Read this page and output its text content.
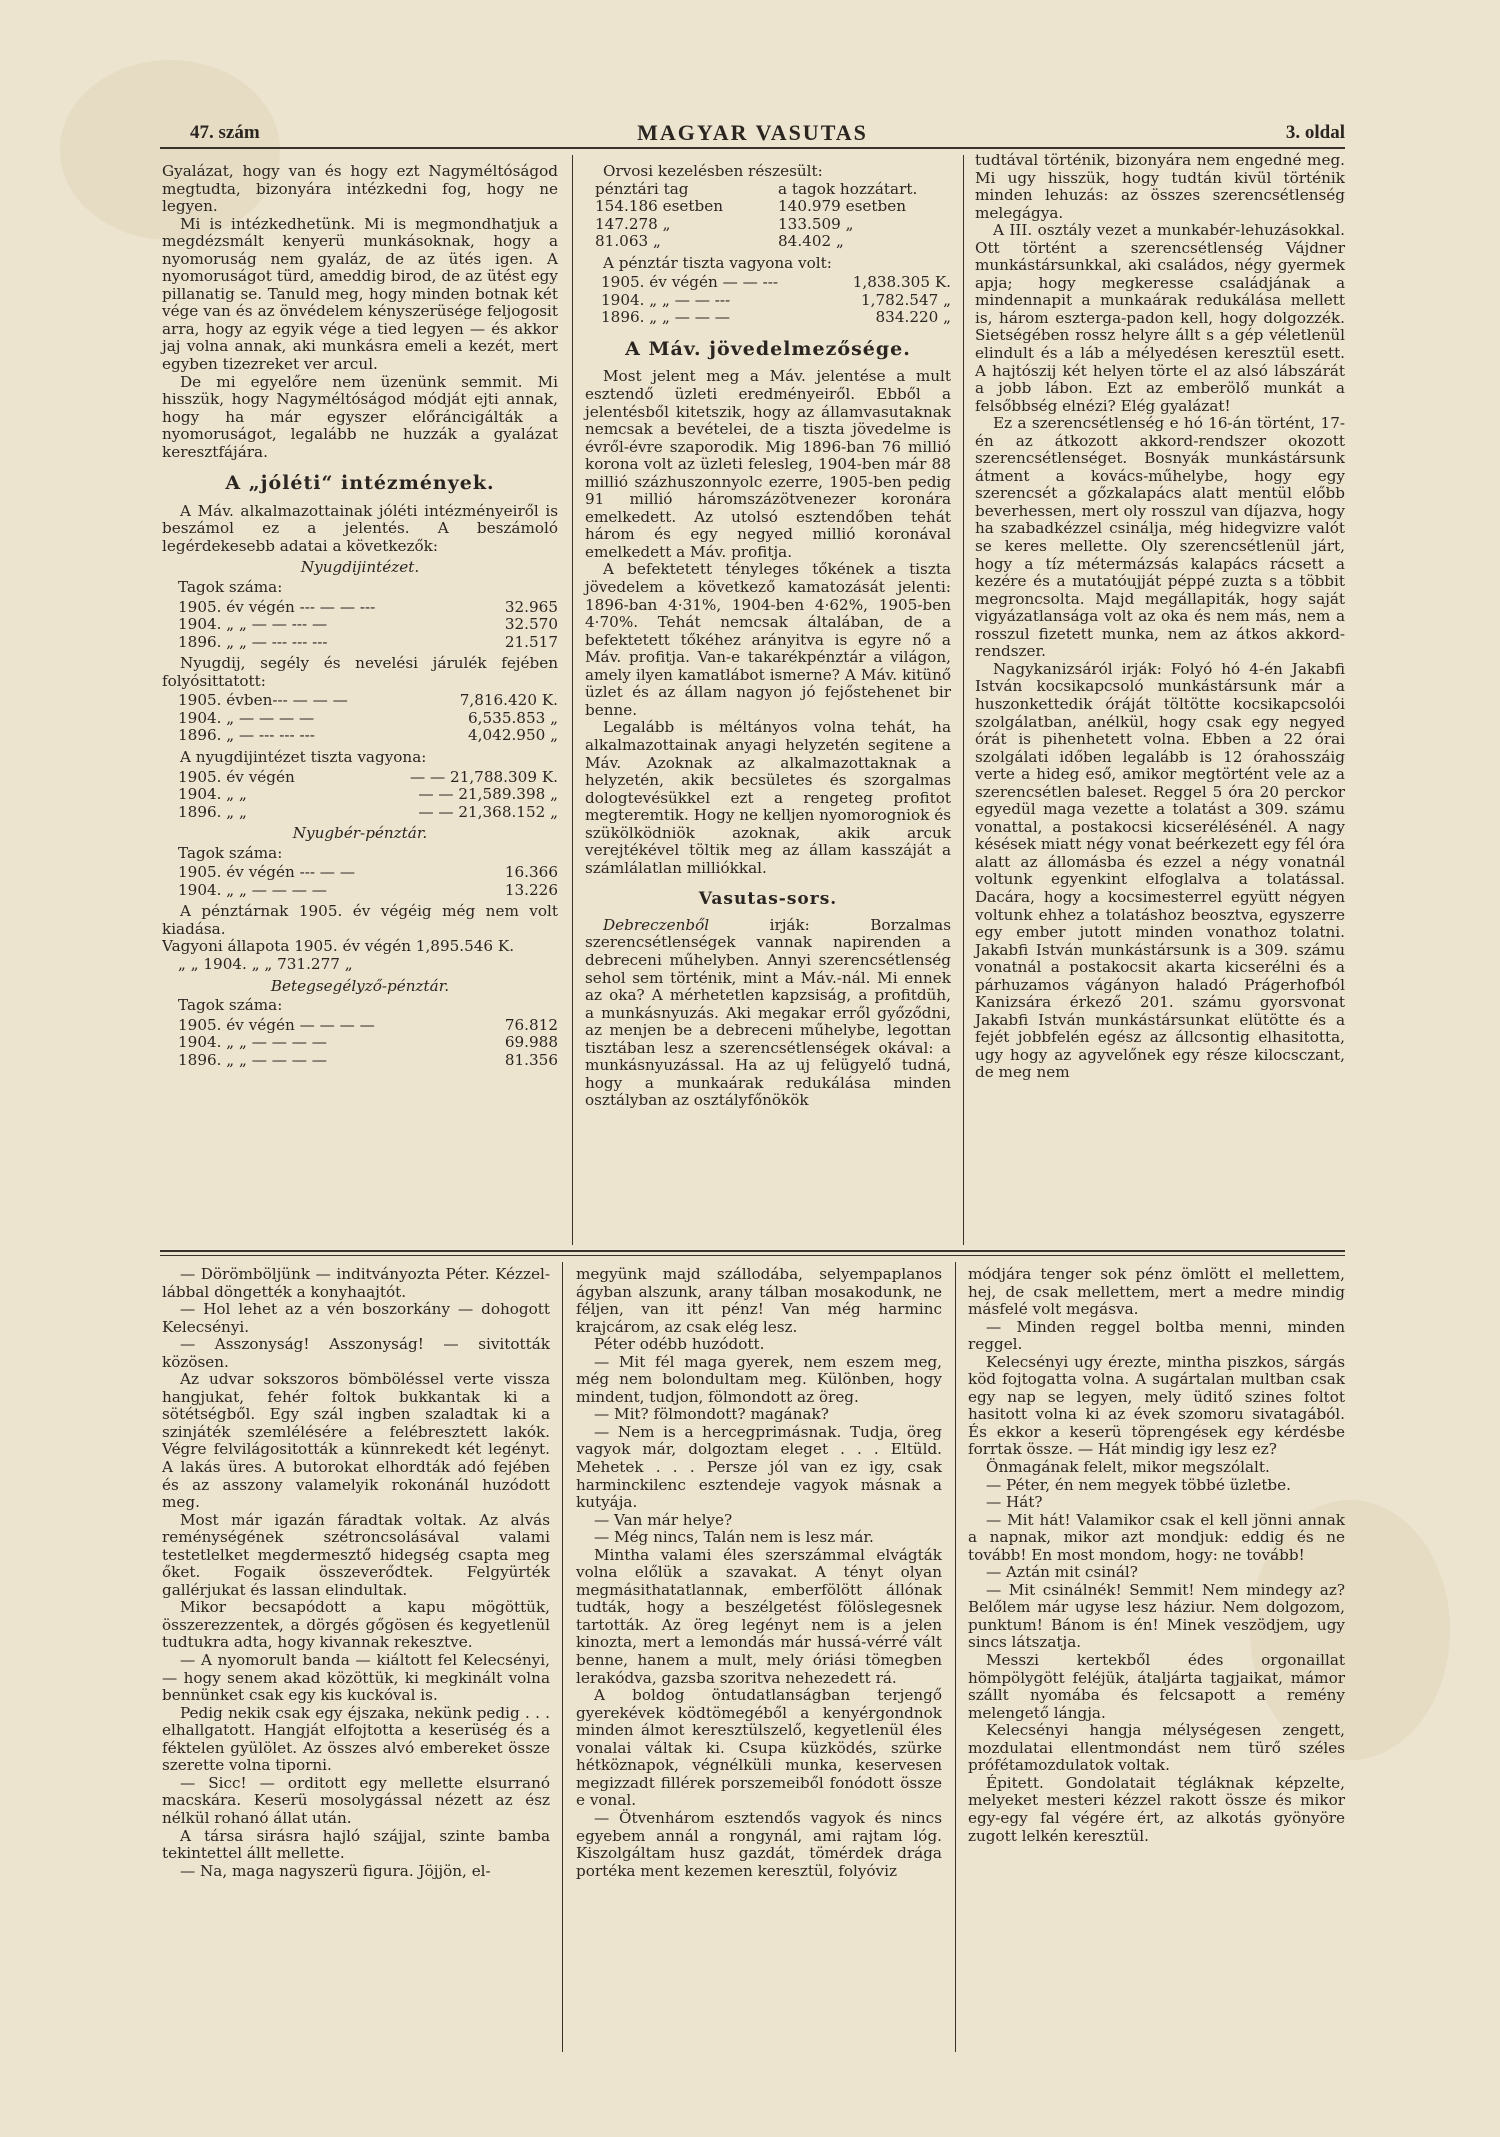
47. szám	MAGYAR VASUTAS	3. oldal

Gyalázat, hogy van és hogy ezt Nagyméltóságod megtudta, bizonyára intézkedni fog, hogy ne legyen.

Mi is intézkedhetünk. Mi is megmondhatjuk a megdézsmált kenyerü munkásoknak, hogy a nyomoruság nem gyaláz, de az ütés igen. A nyomoruságot türd, ameddig birod, de az ütést egy pillanatig se. Tanuld meg, hogy minden botnak két vége van és az önvédelem kényszerüsége feljogosit arra, hogy az egyik vége a tied legyen — és akkor jaj volna annak, aki munkásra emeli a kezét, mert egyben tizezreket ver arcul.

De mi egyelőre nem üzenünk semmit. Mi hisszük, hogy Nagyméltóságod módját ejti annak, hogy ha már egyszer előráncigálták a nyomoruságot, legalább ne huzzák a gyalázat keresztfájára.

A „jóléti“ intézmények.

A Máv. alkalmazottainak jóléti intézményeiről is beszámol ez a jelentés. A beszámoló legérdekesebb adatai a következők:

Nyugdijintézet.

Tagok száma:

1905. év végén --- — — ---	32.965
1904. „ „ — — --- —	32.570
1896. „ „ — --- --- ---	21.517

Nyugdij, segély és nevelési járulék fejében folyósittatott:

1905. évben--- — — —	7,816.420 K.
1904. „ — — — —	6,535.853 „
1896. „ — --- --- ---	4,042.950 „

A nyugdijintézet tiszta vagyona:

1905. év végén	— — 21,788.309 K.
1904. „ „	— — 21,589.398 „
1896. „ „	— — 21,368.152 „

Nyugbér-pénztár.

Tagok száma:

1905. év végén --- — —	16.366
1904. „ „ — — — —	13.226

A pénztárnak 1905. év végéig még nem volt kiadása.

Vagyoni állapota 1905. év végén 1,895.546 K.

„ „ 1904. „ „ 731.277 „

Betegsegélyző-pénztár.

Tagok száma:

1905. év végén — — — —	76.812
1904. „ „ — — — —	69.988
1896. „ „ — — — —	81.356

Orvosi kezelésben részesült:

pénztári tag	a tagok hozzátart.
154.186 esetben	140.979 esetben
147.278 „	133.509 „
81.063 „	84.402 „

A pénztár tiszta vagyona volt:

1905. év végén — — ---	1,838.305 K.
1904. „ „ — — ---	1,782.547 „
1896. „ „ — — —	834.220 „

A Máv. jövedelmezősége.

Most jelent meg a Máv. jelentése a mult esztendő üzleti eredményeiről. Ebből a jelentésből kitetszik, hogy az államvasutaknak nemcsak a bevételei, de a tiszta jövedelme is évről-évre szaporodik. Mig 1896-ban 76 millió korona volt az üzleti felesleg, 1904-ben már 88 millió százhuszonnyolc ezerre, 1905-ben pedig 91 millió háromszázötvenezer koronára emelkedett. Az utolsó esztendőben tehát három és egy negyed millió koronával emelkedett a Máv. profitja.

A befektetett tényleges tőkének a tiszta jövedelem a következő kamatozását jelenti: 1896-ban 4·31%, 1904-ben 4·62%, 1905-ben 4·70%. Tehát nemcsak általában, de a befektetett tőkéhez arányitva is egyre nő a Máv. profitja. Van-e takarékpénztár a világon, amely ilyen kamatlábot ismerne? A Máv. kitünő üzlet és az állam nagyon jó fejőstehenet bir benne.

Legalább is méltányos volna tehát, ha alkalmazottainak anyagi helyzetén segitene a Máv. Azoknak az alkalmazottaknak a helyzetén, akik becsületes és szorgalmas dologtevésükkel ezt a rengeteg profitot megteremtik. Hogy ne kelljen nyomorogniok és szükölködniök azoknak, akik arcuk verejtékével töltik meg az állam kasszáját a számlálatlan milliókkal.

Vasutas-sors.

Debreczenből irják: Borzalmas szerencsétlenségek vannak napirenden a debreceni műhelyben. Annyi szerencsétlenség sehol sem történik, mint a Máv.-nál. Mi ennek az oka? A mérhetetlen kapzsiság, a profitdüh, a munkásnyuzás. Aki megakar erről győződni, az menjen be a debreceni műhelybe, legottan tisztában lesz a szerencsétlenségek okával: a munkásnyuzással. Ha az uj felügyelő tudná, hogy a munkaárak redukálása minden osztályban az osztályfőnökök

tudtával történik, bizonyára nem engedné meg. Mi ugy hisszük, hogy tudtán kivül történik minden lehuzás: az összes szerencsétlenség melegágya.

A III. osztály vezet a munkabér-lehuzásokkal. Ott történt a szerencsétlenség Vájdner munkástársunkkal, aki családos, négy gyermek apja; hogy megkeresse családjának a mindennapit a munkaárak redukálása mellett is, három eszterga-padon kell, hogy dolgozzék. Sietségében rossz helyre állt s a gép véletlenül elindult és a láb a mélyedésen keresztül esett. A hajtószij két helyen törte el az alsó lábszárát a jobb lábon. Ezt az emberölő munkát a felsőbbség elnézi? Elég gyalázat!

Ez a szerencsétlenség e hó 16-án történt, 17-én az átkozott akkord-rendszer okozott szerencsétlenséget. Bosnyák munkástársunk átment a kovács-műhelybe, hogy egy szerencsét a gőzkalapács alatt mentül előbb beverhessen, mert oly rosszul van díjazva, hogy ha szabadkézzel csinálja, még hidegvizre valót se keres mellette. Oly szerencsétlenül járt, hogy a tíz métermázsás kalapács rácsett a kezére és a mutatóujját péppé zuzta s a többit megroncsolta. Majd megállapiták, hogy saját vigyázatlansága volt az oka és nem más, nem a rosszul fizetett munka, nem az átkos akkord-rendszer.

Nagykanizsáról irják: Folyó hó 4-én Jakabfi István kocsikapcsoló munkástársunk már a huszonkettedik óráját töltötte kocsikapcsolói szolgálatban, anélkül, hogy csak egy negyed órát is pihenhetett volna. Ebben a 22 órai szolgálati időben legalább is 12 órahosszáig verte a hideg eső, amikor megtörtént vele az a szerencsétlen baleset. Reggel 5 óra 20 perckor egyedül maga vezette a tolatást a 309. számu vonattal, a postakocsi kicserélésénél. A nagy késések miatt négy vonat beérkezett egy fél óra alatt az állomásba és ezzel a négy vonatnál voltunk egyenkint elfoglalva a tolatással. Dacára, hogy a kocsimesterrel együtt négyen voltunk ehhez a tolatáshoz beosztva, egyszerre egy ember jutott minden vonathoz tolatni. Jakabfi István munkástársunk is a 309. számu vonatnál a postakocsit akarta kicserélni és a párhuzamos vágányon haladó Prágerhofból Kanizsára érkező 201. számu gyorsvonat Jakabfi István munkástársunkat elütötte és a fejét jobbfelén egész az állcsontig elhasitotta, ugy hogy az agyvelőnek egy része kilocsczant, de meg nem

— Dörömböljünk — inditványozta Péter. Kézzel-lábbal döngették a konyhaajtót.

— Hol lehet az a vén boszorkány — dohogott Kelecsényi.

— Asszonyság! Asszonyság! — sivitották közösen.

Az udvar sokszoros bömböléssel verte vissza hangjukat, fehér foltok bukkantak ki a sötétségből. Egy szál ingben szaladtak ki a szinjáték szemlélésére a felébresztett lakók. Végre felvilágositották a künnrekedt két legényt. A lakás üres. A butorokat elhordták adó fejében és az asszony valamelyik rokonánál huzódott meg.

Most már igazán fáradtak voltak. Az alvás reménységének szétroncsolásával valami testetlelket megdermesztő hidegség csapta meg őket. Fogaik összeverődtek. Felgyürték gallérjukat és lassan elindultak.

Mikor becsapódott a kapu mögöttük, összerezzentek, a dörgés gőgösen és kegyetlenül tudtukra adta, hogy kivannak rekesztve.

— A nyomorult banda — kiáltott fel Kelecsényi, — hogy senem akad közöttük, ki megkinált volna bennünket csak egy kis kuckóval is.

Pedig nekik csak egy éjszaka, nekünk pedig . . . elhallgatott. Hangját elfojtotta a keserüség és a féktelen gyülölet. Az összes alvó embereket össze szerette volna tiporni.

— Sicc! — orditott egy mellette elsurranó macskára. Keserü mosolygással nézett az ész nélkül rohanó állat után.

A társa sirásra hajló szájjal, szinte bamba tekintettel állt mellette.

— Na, maga nagyszerü figura. Jöjjön, el-

megyünk majd szállodába, selyempaplanos ágyban alszunk, arany tálban mosakodunk, ne féljen, van itt pénz! Van még harminc krajcárom, az csak elég lesz.

Péter odébb huzódott.

— Mit fél maga gyerek, nem eszem meg, még nem bolondultam meg. Különben, hogy mindent, tudjon, fölmondott az öreg.

— Mit? fölmondott? magának?

— Nem is a hercegprimásnak. Tudja, öreg vagyok már, dolgoztam eleget . . . Eltüld. Mehetek . . . Persze jól van ez igy, csak harminckilenc esztendeje vagyok másnak a kutyája.

— Van már helye?

— Még nincs, Talán nem is lesz már.

Mintha valami éles szerszámmal elvágták volna előlük a szavakat. A tényt olyan megmásithatatlannak, emberfölött állónak tudták, hogy a beszélgetést fölöslegesnek tartották. Az öreg legényt nem is a jelen kinozta, mert a lemondás már hussá-vérré vált benne, hanem a mult, mely óriási tömegben lerakódva, gazsba szoritva nehezedett rá.

A boldog öntudatlanságban terjengő gyerekévek ködtömegéből a kenyérgondnok minden álmot keresztülszelő, kegyetlenül éles vonalai váltak ki. Csupa küzködés, szürke hétköznapok, végnélküli munka, keservesen megizzadt fillérek porszemeiből fonódott össze e vonal.

— Ötvenhárom esztendős vagyok és nincs egyebem annál a rongynál, ami rajtam lóg. Kiszolgáltam husz gazdát, tömérdek drága portéka ment kezemen keresztül, folyóviz

módjára tenger sok pénz ömlött el mellettem, hej, de csak mellettem, mert a medre mindig másfelé volt megásva.

— Minden reggel boltba menni, minden reggel.

Kelecsényi ugy érezte, mintha piszkos, sárgás köd fojtogatta volna. A sugártalan multban csak egy nap se legyen, mely üditő szines foltot hasitott volna ki az évek szomoru sivatagából. És ekkor a keserü töprengések egy kérdésbe forrtak össze. — Hát mindig igy lesz ez?

Önmagának felelt, mikor megszólalt.

— Péter, én nem megyek többé üzletbe.

— Hát?

— Mit hát! Valamikor csak el kell jönni annak a napnak, mikor azt mondjuk: eddig és ne tovább! En most mondom, hogy: ne tovább!

— Aztán mit csinál?

— Mit csinálnék! Semmit! Nem mindegy az? Belőlem már ugyse lesz háziur. Nem dolgozom, punktum! Bánom is én! Minek veszödjem, ugy sincs látszatja.

Messzi kertekből édes orgonaillat hömpölygött feléjük, átaljárta tagjaikat, mámor szállt nyomába és felcsapott a remény melengető lángja.

Kelecsényi hangja mélységesen zengett, mozdulatai ellentmondást nem türő széles prófétamozdulatok voltak.

Épitett. Gondolatait tégláknak képzelte, melyeket mesteri kézzel rakott össze és mikor egy-egy fal végére ért, az alkotás gyönyöre zugott lelkén keresztül.
